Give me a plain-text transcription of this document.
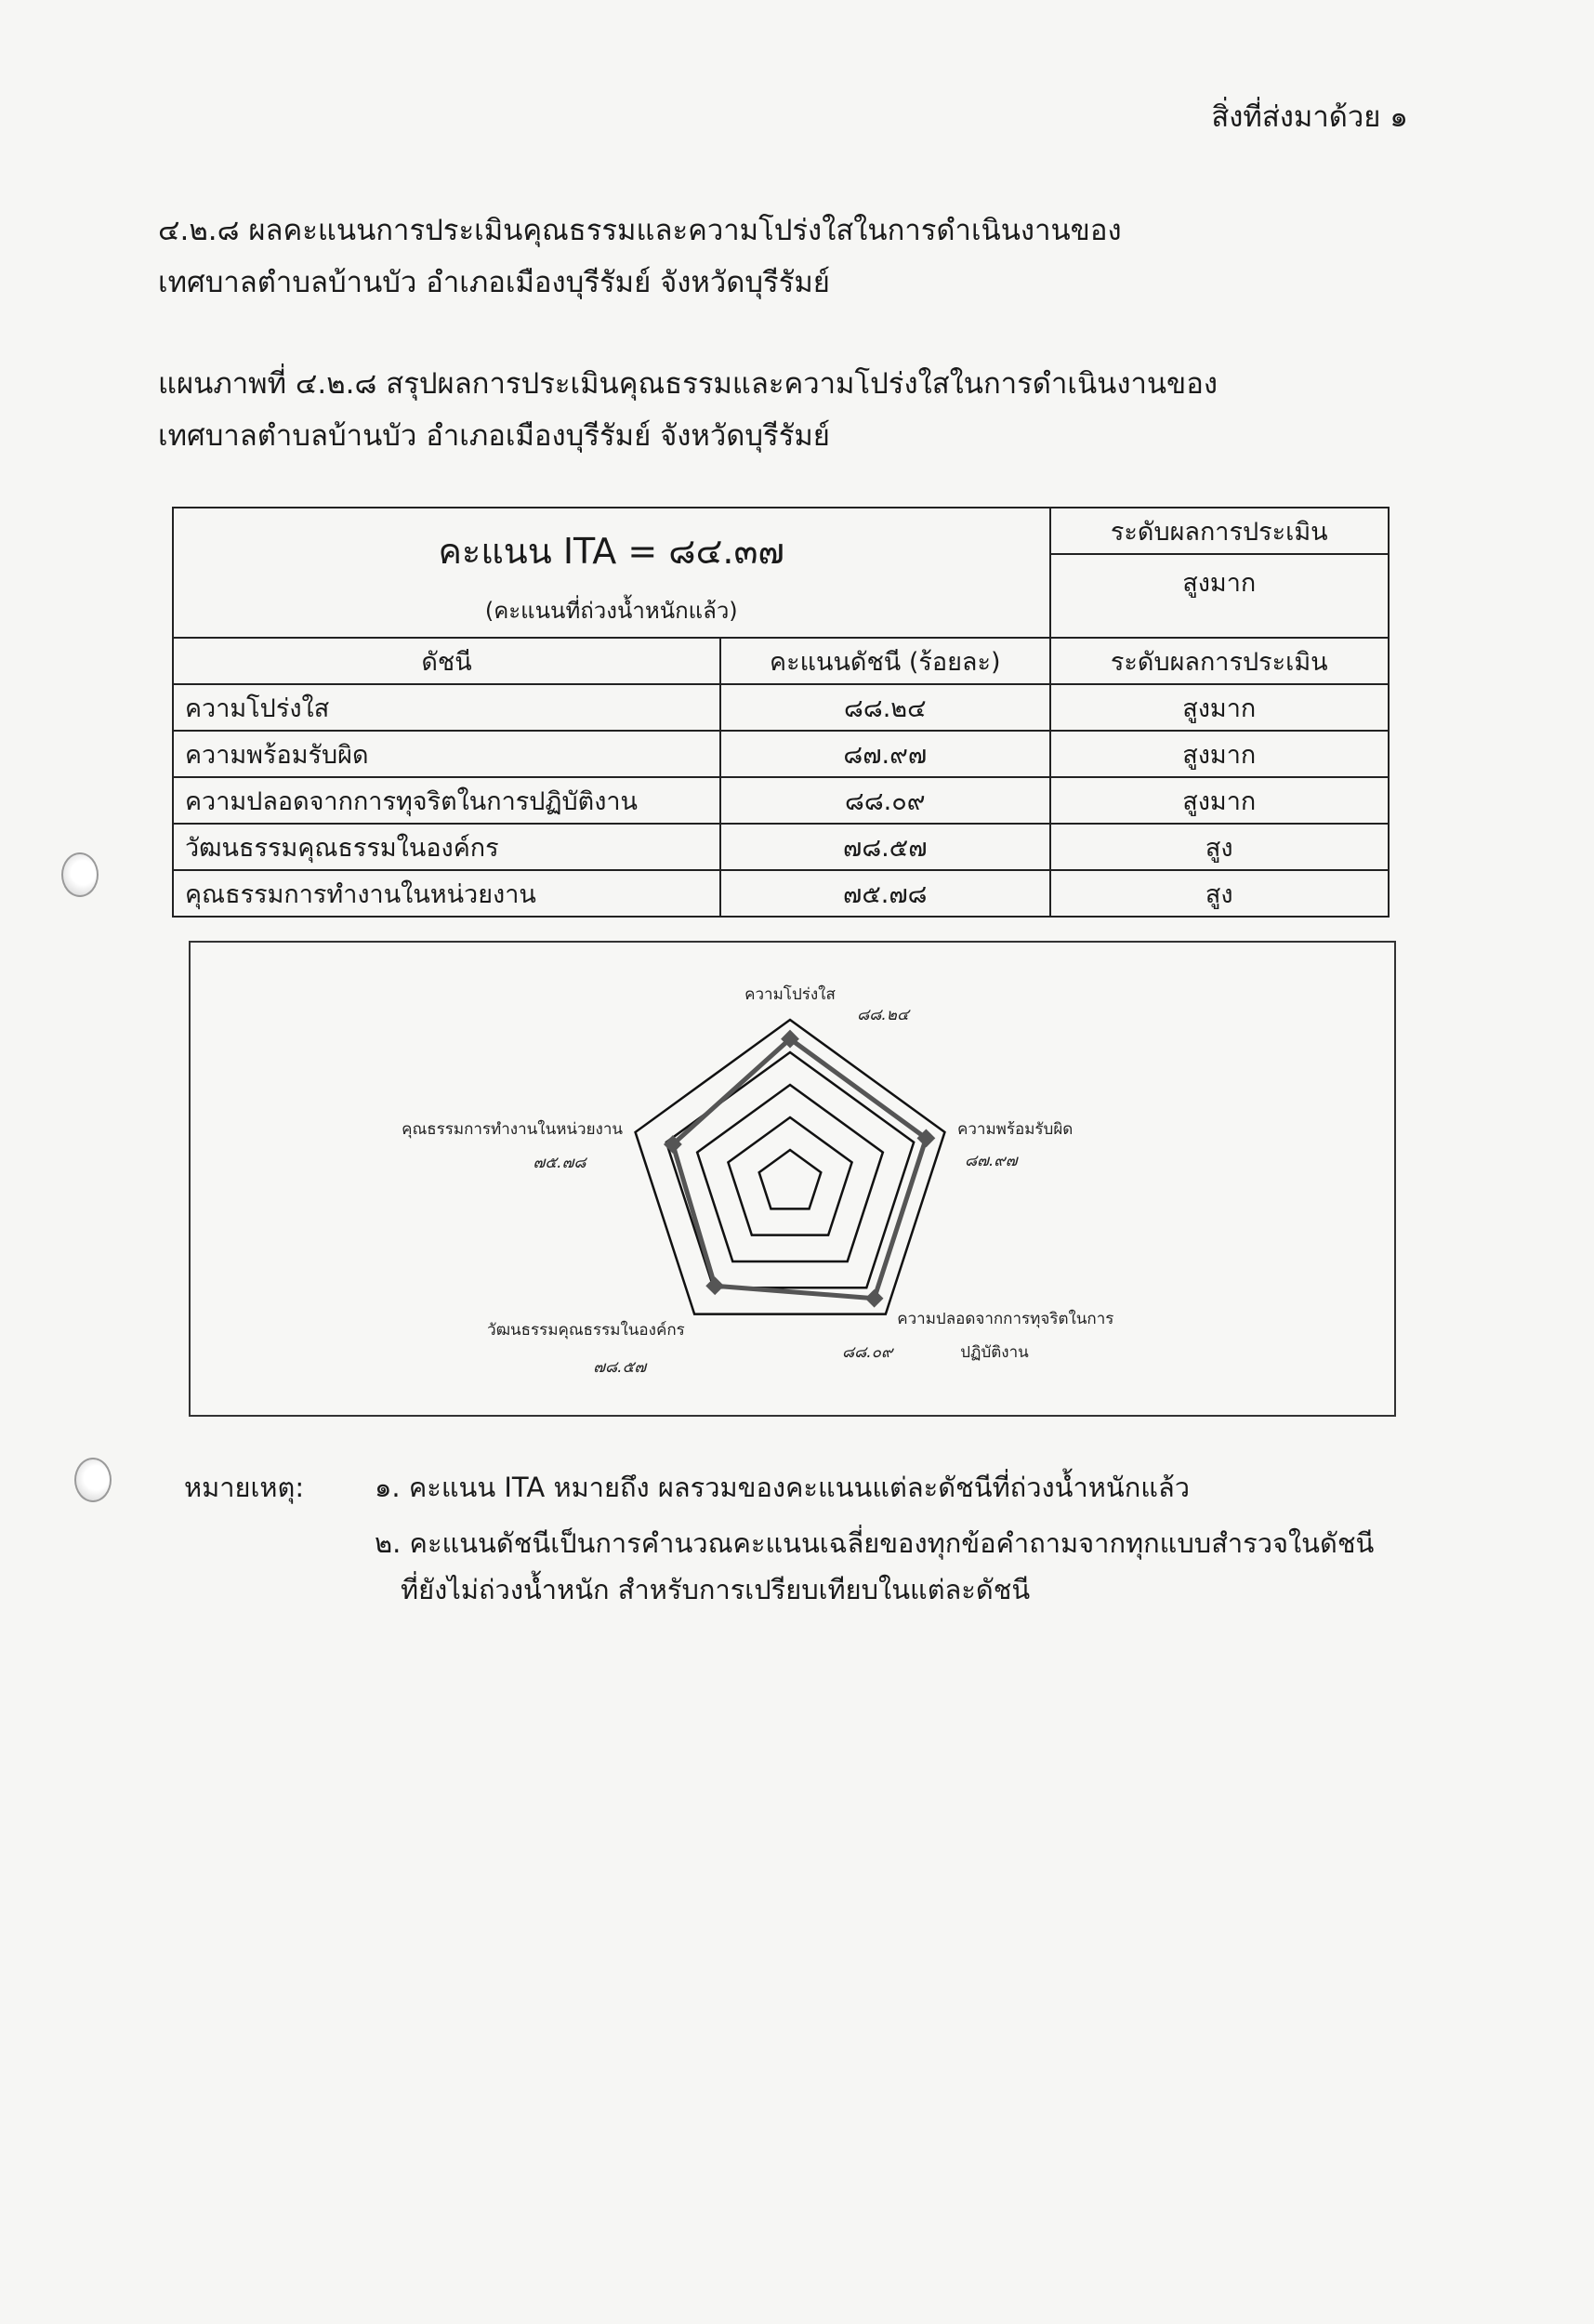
สิ่งที่ส่งมาด้วย ๑
๔.๒.๘ ผลคะแนนการประเมินคุณธรรมและความโปร่งใสในการดำเนินงานของ
เทศบาลตำบลบ้านบัว อำเภอเมืองบุรีรัมย์ จังหวัดบุรีรัมย์
แผนภาพที่ ๔.๒.๘ สรุปผลการประเมินคุณธรรมและความโปร่งใสในการดำเนินงานของ
เทศบาลตำบลบ้านบัว อำเภอเมืองบุรีรัมย์ จังหวัดบุรีรัมย์
คะแนน ITA = ๘๔.๓๗
(คะแนนที่ถ่วงน้ำหนักแล้ว)		ระดับผลการประเมิน
		สูงมาก
ดัชนี	คะแนนดัชนี (ร้อยละ)	ระดับผลการประเมิน
ความโปร่งใส	๘๘.๒๔	สูงมาก
ความพร้อมรับผิด	๘๗.๙๗	สูงมาก
ความปลอดจากการทุจริตในการปฏิบัติงาน	๘๘.๐๙	สูงมาก
วัฒนธรรมคุณธรรมในองค์กร	๗๘.๕๗	สูง
คุณธรรมการทำงานในหน่วยงาน	๗๕.๗๘	สูง
ความโปร่งใส
๘๘.๒๔
ความพร้อมรับผิด
๘๗.๙๗
ความปลอดจากการทุจริตในการ
ปฏิบัติงาน
๘๘.๐๙
วัฒนธรรมคุณธรรมในองค์กร
๗๘.๕๗
คุณธรรมการทำงานในหน่วยงาน
๗๕.๗๘
หมายเหตุ:	๑. คะแนน ITA หมายถึง ผลรวมของคะแนนแต่ละดัชนีที่ถ่วงน้ำหนักแล้ว
๒. คะแนนดัชนีเป็นการคำนวณคะแนนเฉลี่ยของทุกข้อคำถามจากทุกแบบสำรวจในดัชนี
ที่ยังไม่ถ่วงน้ำหนัก สำหรับการเปรียบเทียบในแต่ละดัชนี
